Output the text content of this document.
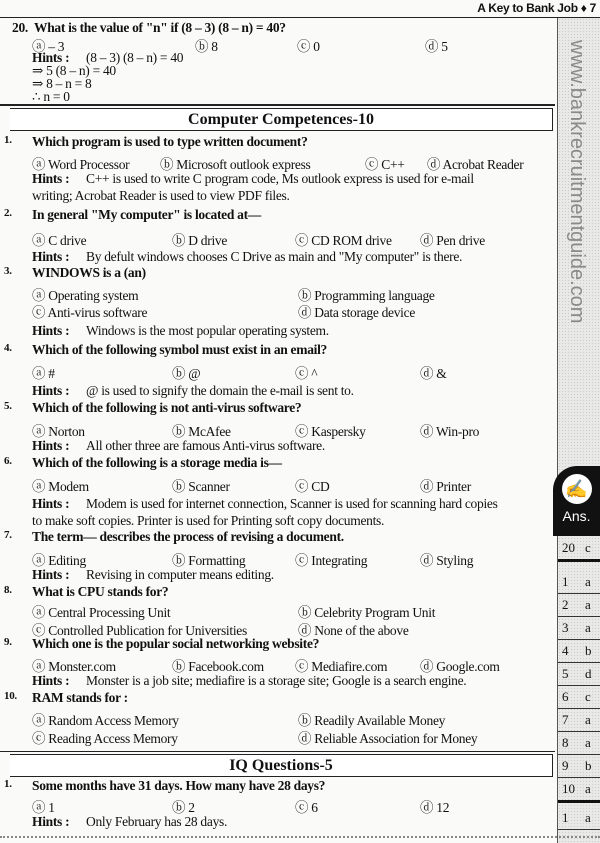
A Key to Bank Job ♦ 7
www.bankrecruitmentguide.com
20. What is the value of "n" if (8 – 3) (8 – n) = 40?
ⓐ – 3	ⓑ 8	ⓒ 0	ⓓ 5
Hints : (8 – 3) (8 – n) = 40
⇒ 5 (8 – n) = 40
⇒ 8 – n = 8
∴ n = 0
Computer Competences-10
1. Which program is used to type written document?
ⓐ Word Processor ⓑ Microsoft outlook express	ⓒ C++ ⓓ Acrobat Reader
Hints : C++ is used to write C program code, Ms outlook express is used for e-mail
writing; Acrobat Reader is used to view PDF files.
2. In general "My computer" is located at—
ⓐ C drive	ⓑ D drive	ⓒ CD ROM drive ⓓ Pen drive
Hints : By defult windows chooses C Drive as main and "My computer" is there.
3. WINDOWS is a (an)
ⓐ Operating system	ⓑ Programming language
ⓒ Anti-virus software	ⓓ Data storage device
Hints : Windows is the most popular operating system.
4. Which of the following symbol must exist in an email?
ⓐ #	ⓑ @	ⓒ ^	ⓓ &
Hints : @ is used to signify the domain the e-mail is sent to.
5. Which of the following is not anti-virus software?
ⓐ Norton	ⓑ McAfee	ⓒ Kaspersky	ⓓ Win-pro
Hints : All other three are famous Anti-virus software.
6. Which of the following is a storage media is—
ⓐ Modem	ⓑ Scanner	ⓒ CD	ⓓ Printer
Hints : Modem is used for internet connection, Scanner is used for scanning hard copies
to make soft copies. Printer is used for Printing soft copy documents.
7. The term— describes the process of revising a document.
ⓐ Editing	ⓑ Formatting	ⓒ Integrating	ⓓ Styling
Hints : Revising in computer means editing.
8. What is CPU stands for?
ⓐ Central Processing Unit	ⓑ Celebrity Program Unit
ⓒ Controlled Publication for Universities	ⓓ None of the above
9. Which one is the popular social networking website?
ⓐ Monster.com	ⓑ Facebook.com ⓒ Mediafire.com ⓓ Google.com
Hints : Monster is a job site; mediafire is a storage site; Google is a search engine.
10. RAM stands for :
ⓐ Random Access Memory	ⓑ Readily Available Money
ⓒ Reading Access Memory	ⓓ Reliable Association for Money
IQ Questions-5
1. Some months have 31 days. How many have 28 days?
ⓐ 1	ⓑ 2	ⓒ 6	ⓓ 12
Hints : Only February has 28 days.
✍
Ans.
20 c
1 a
2 a
3 a
4 b
5 d
6 c
7 a
8 a
9 b
10 a
1 a
